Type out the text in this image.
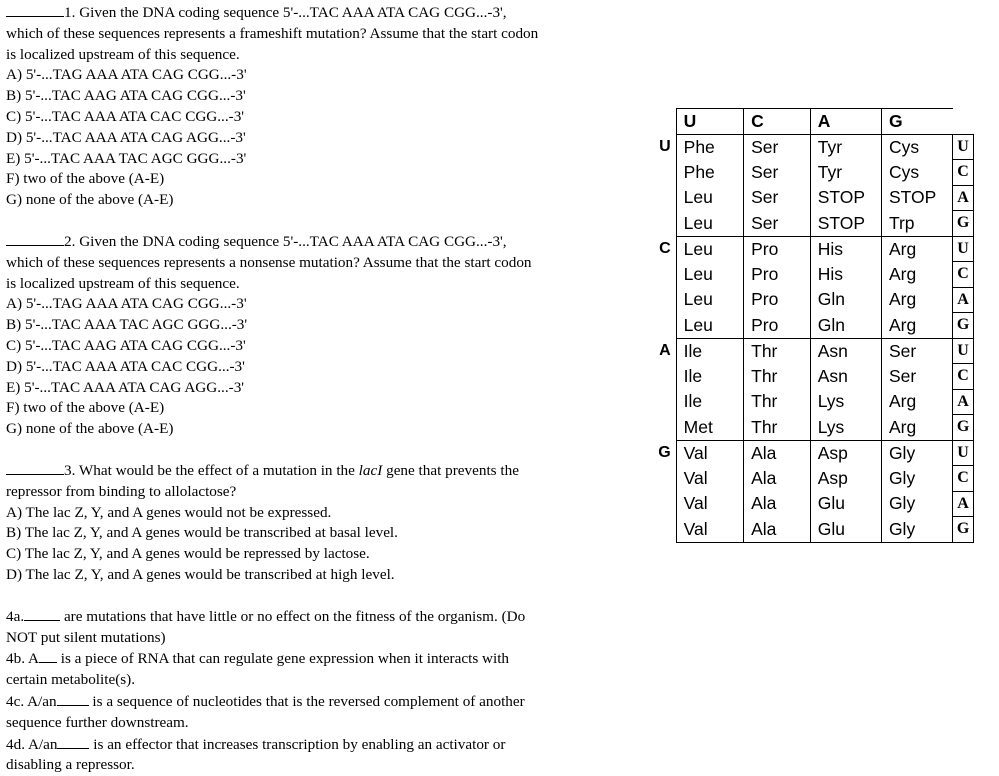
1. Given the DNA coding sequence 5'-...TAC AAA ATA CAG CGG...-3',
which of these sequences represents a frameshift mutation? Assume that the start codon
is localized upstream of this sequence.
A) 5'-...TAG AAA ATA CAG CGG...-3'
B) 5'-...TAC AAG ATA CAG CGG...-3'
C) 5'-...TAC AAA ATA CAC CGG...-3'
D) 5'-...TAC AAA ATA CAG AGG...-3'
E) 5'-...TAC AAA TAC AGC GGG...-3'
F) two of the above (A-E)
G) none of the above (A-E)
2. Given the DNA coding sequence 5'-...TAC AAA ATA CAG CGG...-3',
which of these sequences represents a nonsense mutation? Assume that the start codon
is localized upstream of this sequence.
A) 5'-...TAG AAA ATA CAG CGG...-3'
B) 5'-...TAC AAA TAC AGC GGG...-3'
C) 5'-...TAC AAG ATA CAG CGG...-3'
D) 5'-...TAC AAA ATA CAC CGG...-3'
E) 5'-...TAC AAA ATA CAG AGG...-3'
F) two of the above (A-E)
G) none of the above (A-E)
3. What would be the effect of a mutation in the lacI gene that prevents the
repressor from binding to allolactose?
A) The lac Z, Y, and A genes would not be expressed.
B) The lac Z, Y, and A genes would be transcribed at basal level.
C) The lac Z, Y, and A genes would be repressed by lactose.
D) The lac Z, Y, and A genes would be transcribed at high level.
4a. are mutations that have little or no effect on the fitness of the organism. (Do
NOT put silent mutations)
4b. A is a piece of RNA that can regulate gene expression when it interacts with
certain metabolite(s).
4c. A/an is a sequence of nucleotides that is the reversed complement of another
sequence further downstream.
4d. A/an is an effector that increases transcription by enabling an activator or
disabling a repressor.
	U	C	A	G	
U	Phe	Ser	Tyr	Cys	U
	Phe	Ser	Tyr	Cys	C
	Leu	Ser	STOP	STOP	A
	Leu	Ser	STOP	Trp	G
C	Leu	Pro	His	Arg	U
	Leu	Pro	His	Arg	C
	Leu	Pro	Gln	Arg	A
	Leu	Pro	Gln	Arg	G
A	Ile	Thr	Asn	Ser	U
	Ile	Thr	Asn	Ser	C
	Ile	Thr	Lys	Arg	A
	Met	Thr	Lys	Arg	G
G	Val	Ala	Asp	Gly	U
	Val	Ala	Asp	Gly	C
	Val	Ala	Glu	Gly	A
	Val	Ala	Glu	Gly	G
